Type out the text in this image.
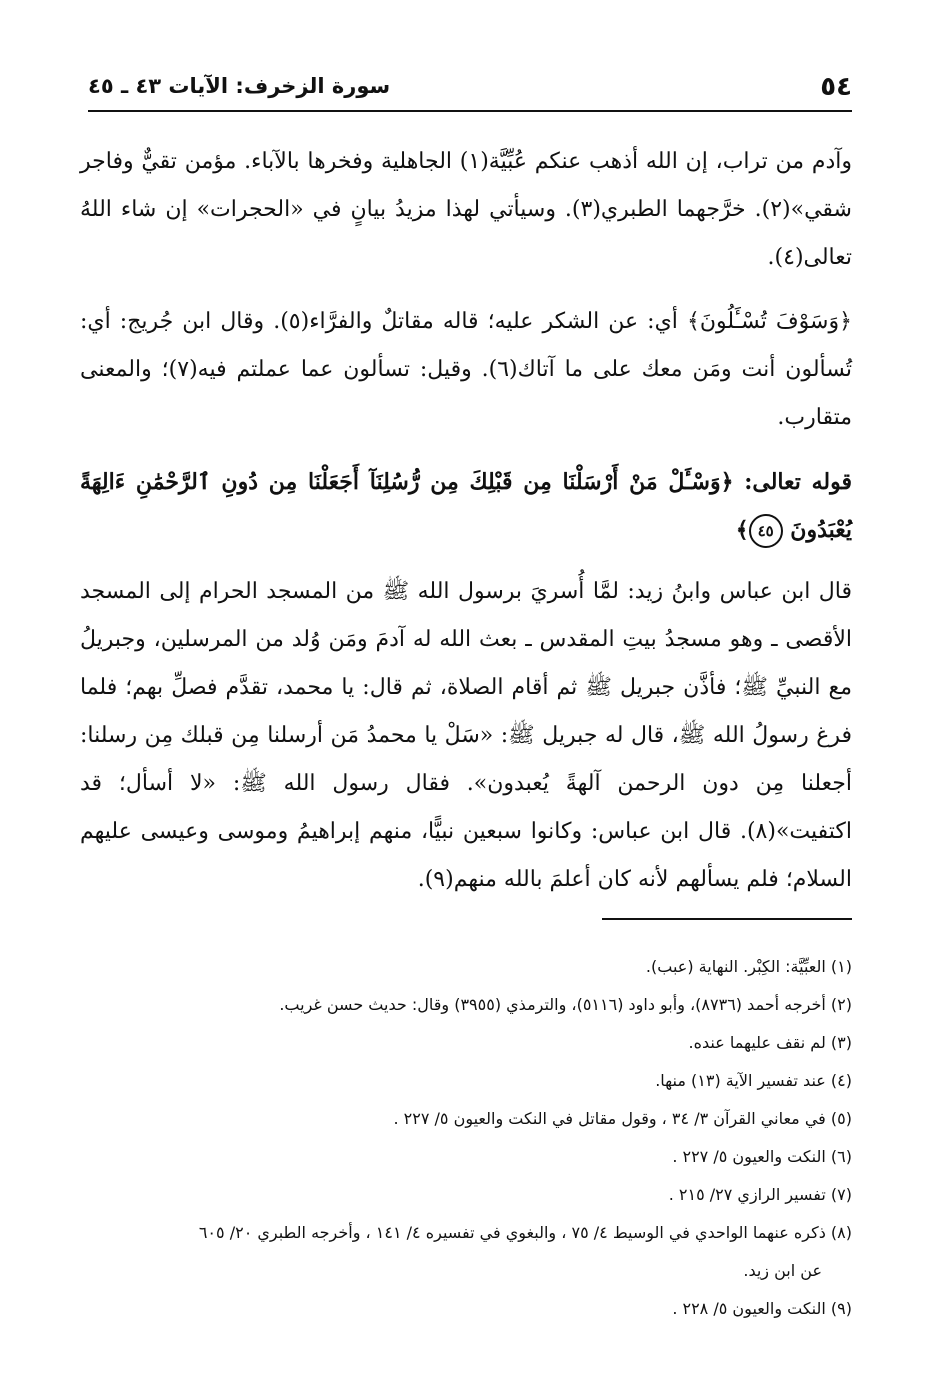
٥٤
سورة الزخرف: الآيات ٤٣ ـ ٤٥

وآدم من تراب، إن الله أذهب عنكم عُبِّيَّة(١) الجاهلية وفخرها بالآباء. مؤمن تقيٌّ وفاجر شقي»(٢). خرَّجهما الطبري(٣). وسيأتي لهذا مزيدُ بيانٍ في «الحجرات» إن شاء اللهُ تعالى(٤).

﴿وَسَوْفَ تُسْـَٔلُونَ﴾ أي: عن الشكر عليه؛ قاله مقاتلٌ والفرَّاء(٥). وقال ابن جُريج: أي: تُسألون أنت ومَن معك على ما آتاك(٦). وقيل: تسألون عما عملتم فيه(٧)؛ والمعنى متقارب.

قوله تعالى: ﴿وَسْـَٔلْ مَنْ أَرْسَلْنَا مِن قَبْلِكَ مِن رُّسُلِنَآ أَجَعَلْنَا مِن دُونِ ٱلرَّحْمَٰنِ ءَالِهَةً يُعْبَدُونَ ٤٥﴾

قال ابن عباس وابنُ زيد: لمَّا أُسريَ برسول الله ﷺ من المسجد الحرام إلى المسجد الأقصى ـ وهو مسجدُ بيتِ المقدس ـ بعث الله له آدمَ ومَن وُلد من المرسلين، وجبريلُ مع النبيِّ ﷺ؛ فأذَّن جبريل ﷺ ثم أقام الصلاة، ثم قال: يا محمد، تقدَّم فصلِّ بهم؛ فلما فرغ رسولُ الله ﷺ، قال له جبريل ﷺ: «سَلْ يا محمدُ مَن أرسلنا مِن قبلك مِن رسلنا: أجعلنا مِن دون الرحمن آلهةً يُعبدون». فقال رسول الله ﷺ: «لا أسأل؛ قد اكتفيت»(٨). قال ابن عباس: وكانوا سبعين نبيًّا، منهم إبراهيمُ وموسى وعيسى عليهم السلام؛ فلم يسألهم لأنه كان أعلمَ بالله منهم(٩).

(١) العبِّيَّة: الكِبْر. النهاية (عبب).
(٢) أخرجه أحمد (٨٧٣٦)، وأبو داود (٥١١٦)، والترمذي (٣٩٥٥) وقال: حديث حسن غريب.
(٣) لم نقف عليهما عنده.
(٤) عند تفسير الآية (١٣) منها.
(٥) في معاني القرآن ٣/ ٣٤ ، وقول مقاتل في النكت والعيون ٥/ ٢٢٧ .
(٦) النكت والعيون ٥/ ٢٢٧ .
(٧) تفسير الرازي ٢٧/ ٢١٥ .
(٨) ذكره عنهما الواحدي في الوسيط ٤/ ٧٥ ، والبغوي في تفسيره ٤/ ١٤١ ، وأخرجه الطبري ٢٠/ ٦٠٥
عن ابن زيد.
(٩) النكت والعيون ٥/ ٢٢٨ .
